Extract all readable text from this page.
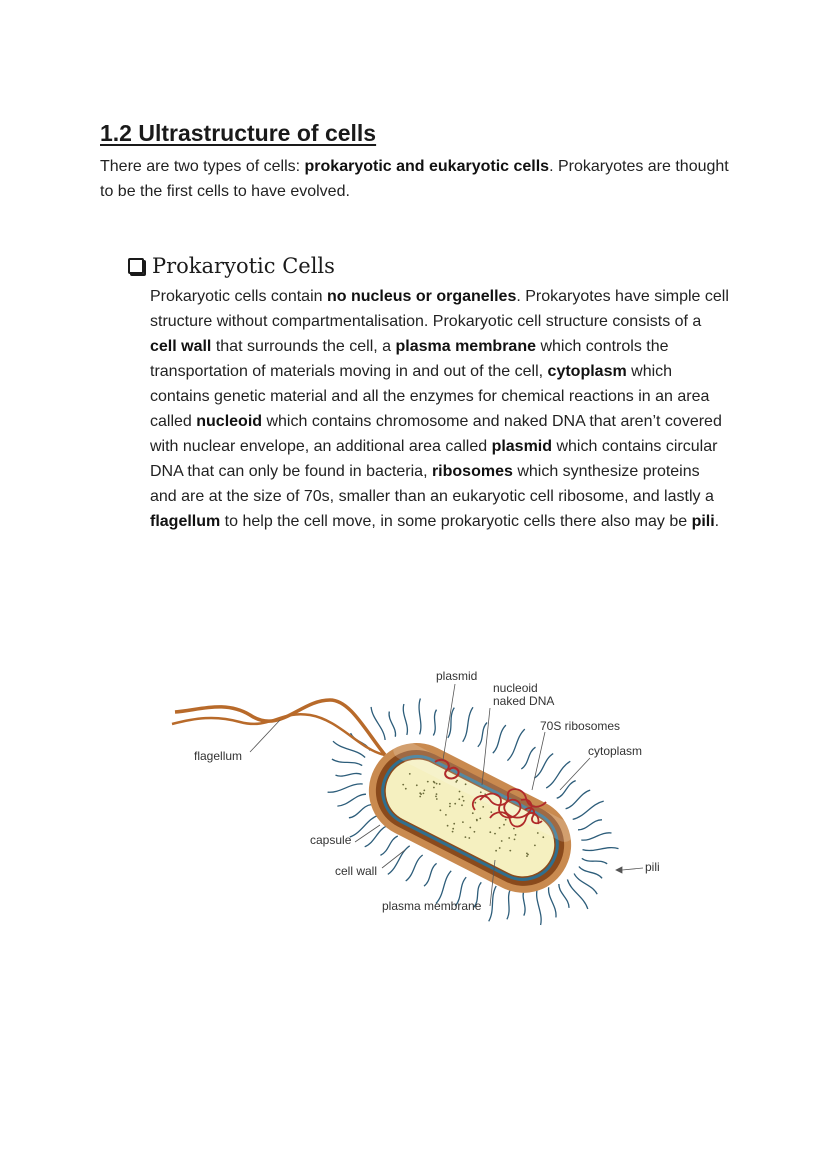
1.2 Ultrastructure of cells

There are two types of cells: prokaryotic and eukaryotic cells. Prokaryotes are thought to be the first cells to have evolved.

Prokaryotic Cells

Prokaryotic cells contain no nucleus or organelles. Prokaryotes have simple cell structure without compartmentalisation. Prokaryotic cell structure consists of a cell wall that surrounds the cell, a plasma membrane which controls the transportation of materials moving in and out of the cell, cytoplasm which contains genetic material and all the enzymes for chemical reactions in an area called nucleoid which contains chromosome and naked DNA that aren’t covered with nuclear envelope, an additional area called plasmid which contains circular DNA that can only be found in bacteria, ribosomes which synthesize proteins and are at the size of 70s, smaller than an eukaryotic cell ribosome, and lastly a flagellum to help the cell move, in some prokaryotic cells there also may be pili.

plasmid
nucleoid
naked DNA
70S ribosomes
cytoplasm
flagellum
capsule
cell wall
plasma membrane
pili
